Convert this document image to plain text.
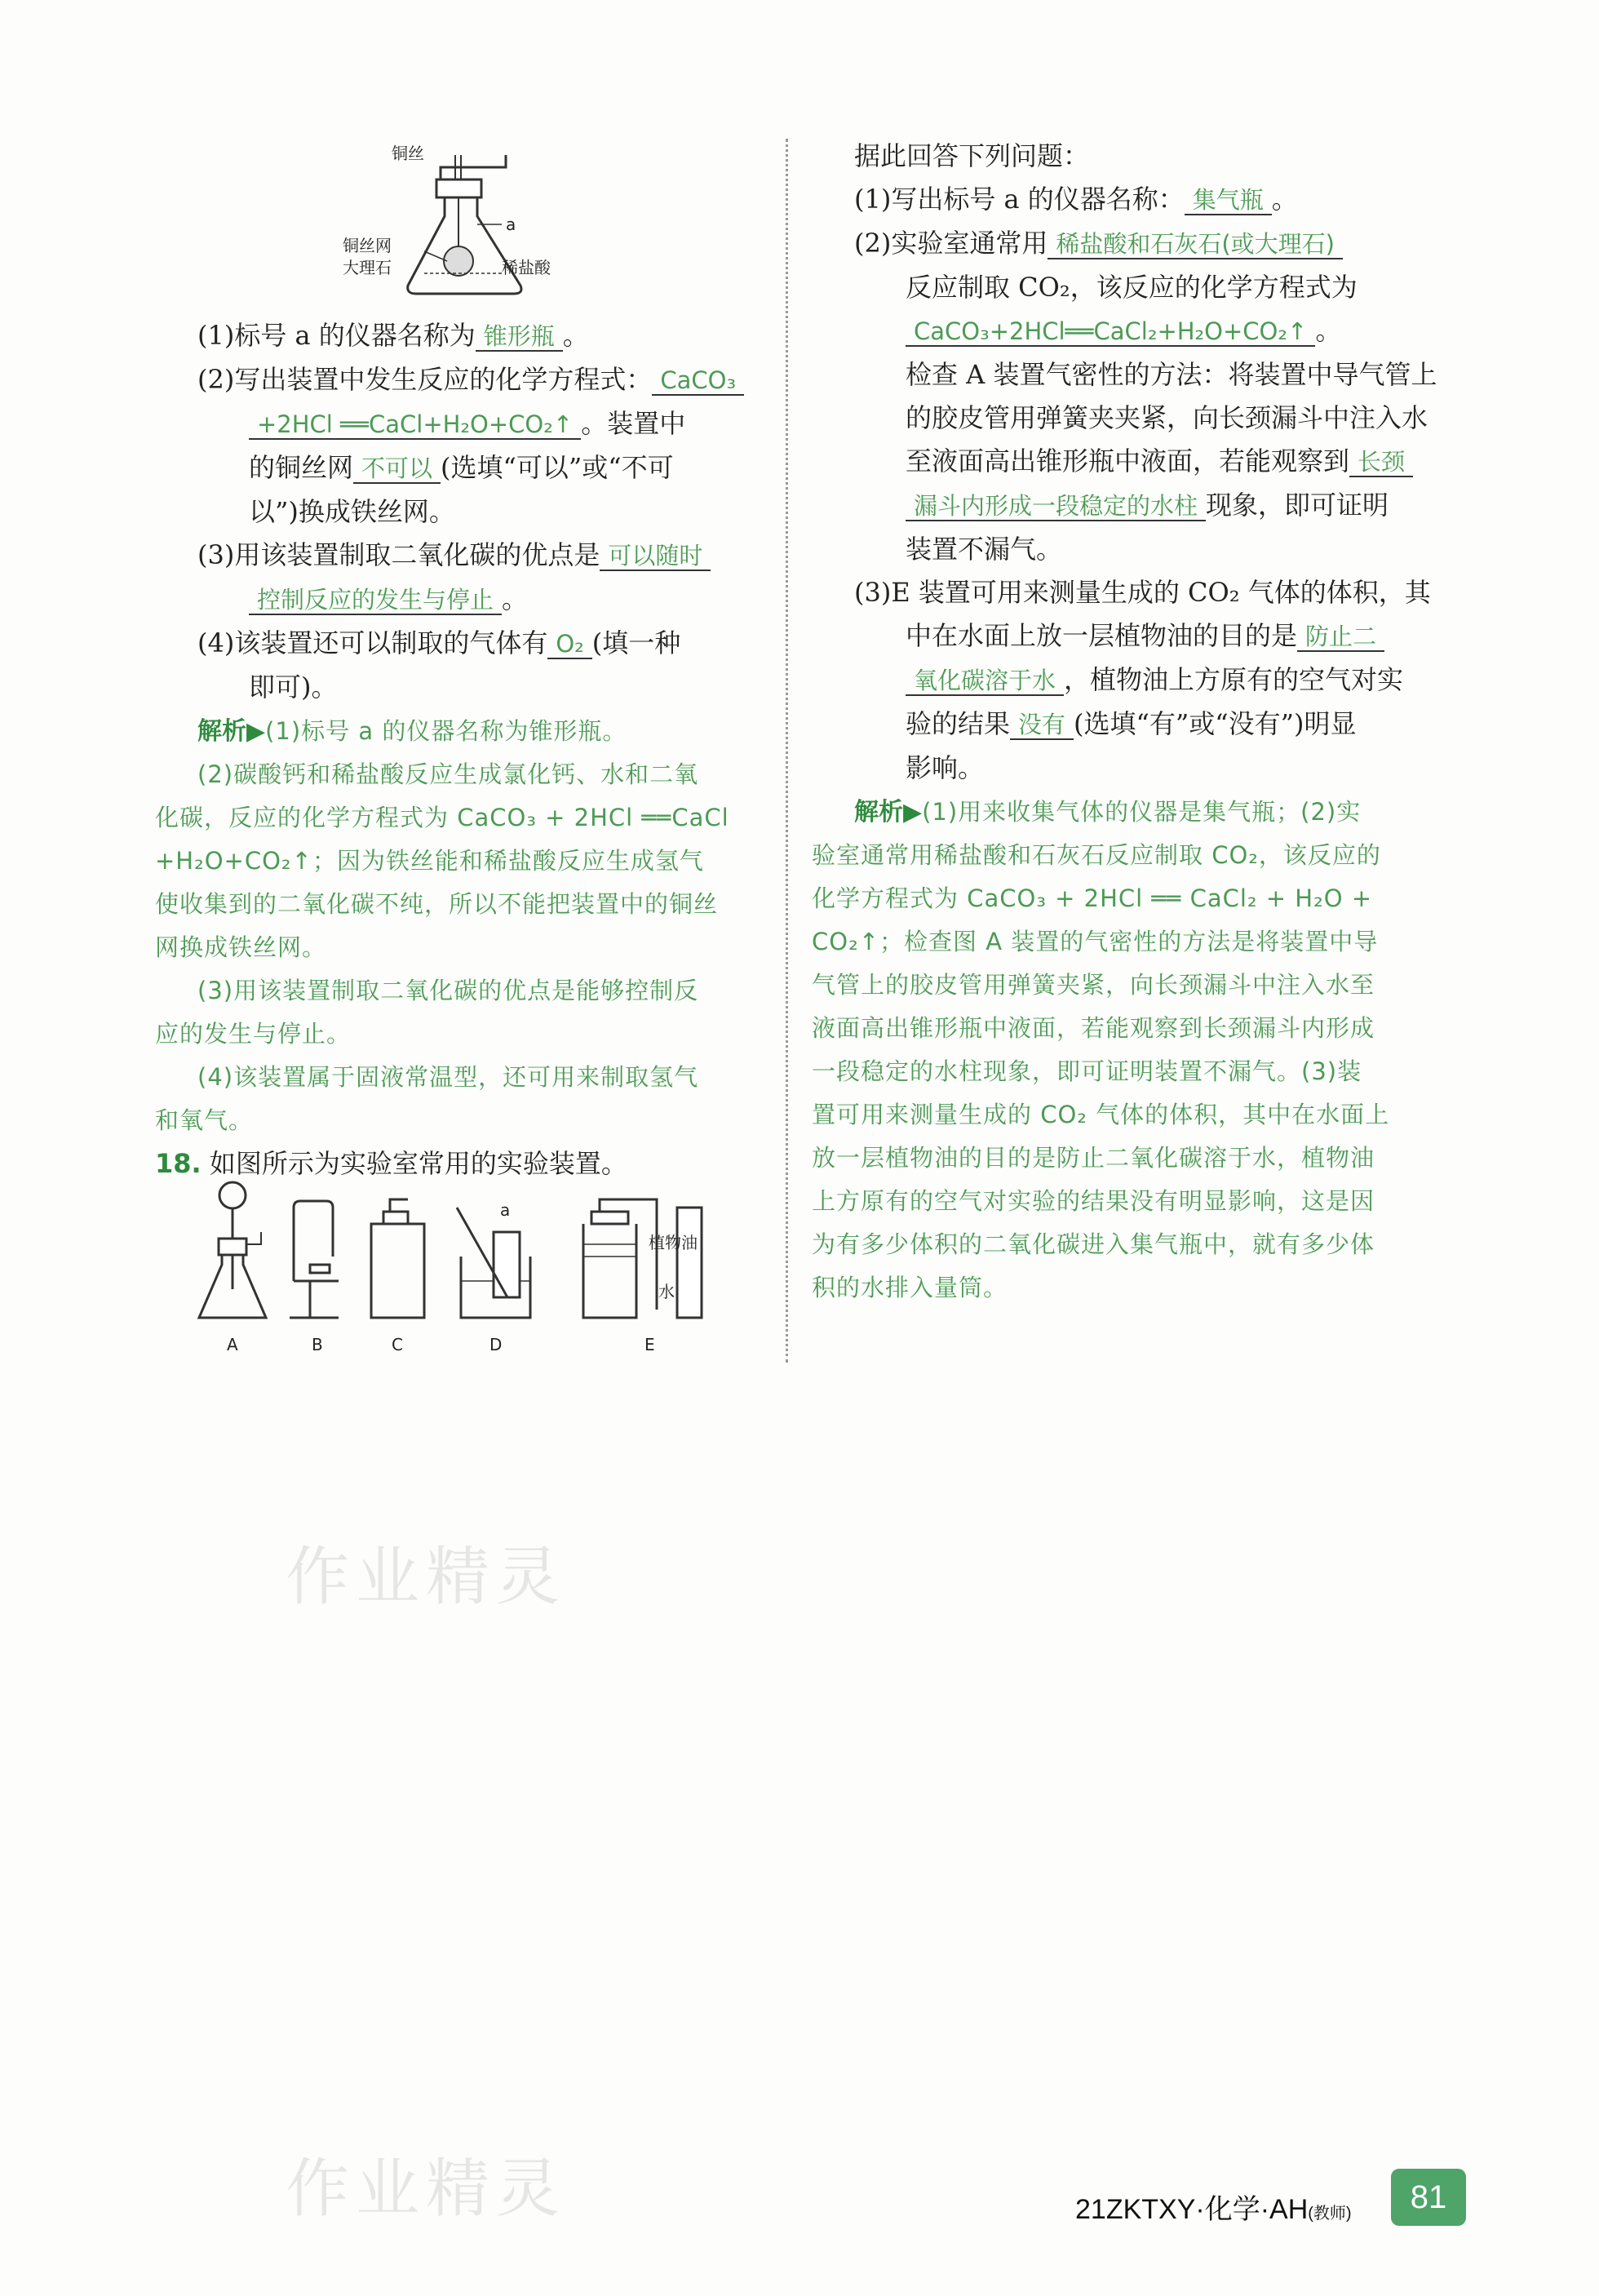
铜丝
a
铜丝网
大理石	稀盐酸

(1)标号 a 的仪器名称为 锥形瓶 。

(2)写出装置中发生反应的化学方程式： CaCO₃

+2HCl ══CaCl+H₂O+CO₂↑ 。装置中

的铜丝网 不可以 (选填“可以”或“不可

以”)换成铁丝网。

(3)用该装置制取二氧化碳的优点是 可以随时

控制反应的发生与停止 。

(4)该装置还可以制取的气体有 O₂ (填一种

即可)。

解析▶(1)标号 a 的仪器名称为锥形瓶。

(2)碳酸钙和稀盐酸反应生成氯化钙、水和二氧

化碳，反应的化学方程式为 CaCO₃ + 2HCl ══CaCl

+H₂O+CO₂↑；因为铁丝能和稀盐酸反应生成氢气

使收集到的二氧化碳不纯，所以不能把装置中的铜丝

网换成铁丝网。

(3)用该装置制取二氧化碳的优点是能够控制反

应的发生与停止。

(4)该装置属于固液常温型，还可用来制取氢气

和氧气。

18. 如图所示为实验室常用的实验装置。

A	B	C
a
D
植物油
水
E

据此回答下列问题：

(1)写出标号 a 的仪器名称： 集气瓶 。

(2)实验室通常用 稀盐酸和石灰石(或大理石)

反应制取 CO₂，该反应的化学方程式为

CaCO₃+2HCl══CaCl₂+H₂O+CO₂↑ 。

检查 A 装置气密性的方法：将装置中导气管上

的胶皮管用弹簧夹夹紧，向长颈漏斗中注入水

至液面高出锥形瓶中液面，若能观察到 长颈

漏斗内形成一段稳定的水柱 现象，即可证明

装置不漏气。

(3)E 装置可用来测量生成的 CO₂ 气体的体积，其

中在水面上放一层植物油的目的是 防止二

氧化碳溶于水 ，植物油上方原有的空气对实

验的结果 没有 (选填“有”或“没有”)明显

影响。

解析▶(1)用来收集气体的仪器是集气瓶；(2)实

验室通常用稀盐酸和石灰石反应制取 CO₂，该反应的

化学方程式为 CaCO₃ + 2HCl ══ CaCl₂ + H₂O +

CO₂↑；检查图 A 装置的气密性的方法是将装置中导

气管上的胶皮管用弹簧夹紧，向长颈漏斗中注入水至

液面高出锥形瓶中液面，若能观察到长颈漏斗内形成

一段稳定的水柱现象，即可证明装置不漏气。(3)装

置可用来测量生成的 CO₂ 气体的体积，其中在水面上

放一层植物油的目的是防止二氧化碳溶于水，植物油

上方原有的空气对实验的结果没有明显影响，这是因

为有多少体积的二氧化碳进入集气瓶中，就有多少体

积的水排入量筒。

作业精灵
作业精灵	21ZKTXY·化学·AH(教师)	81
